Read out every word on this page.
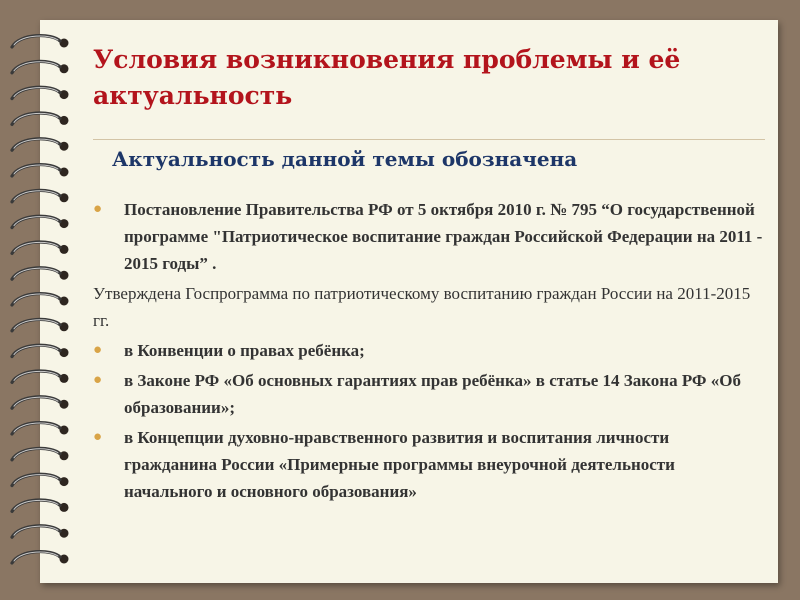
Условия возникновения проблемы и её актуальность
Актуальность данной темы обозначена
● Постановление Правительства РФ от 5 октября 2010 г. № 795 “О государственной программе "Патриотическое воспитание граждан Российской Федерации на 2011 - 2015 годы” .
Утверждена Госпрограмма по патриотическому воспитанию граждан России на 2011-2015 гг.
● в Конвенции о правах ребёнка;
● в Законе РФ «Об основных гарантиях прав ребёнка» в статье 14 Закона РФ «Об образовании»;
● в Концепции духовно-нравственного развития и воспитания личности гражданина России «Примерные программы внеурочной деятельности начального и основного образования»
